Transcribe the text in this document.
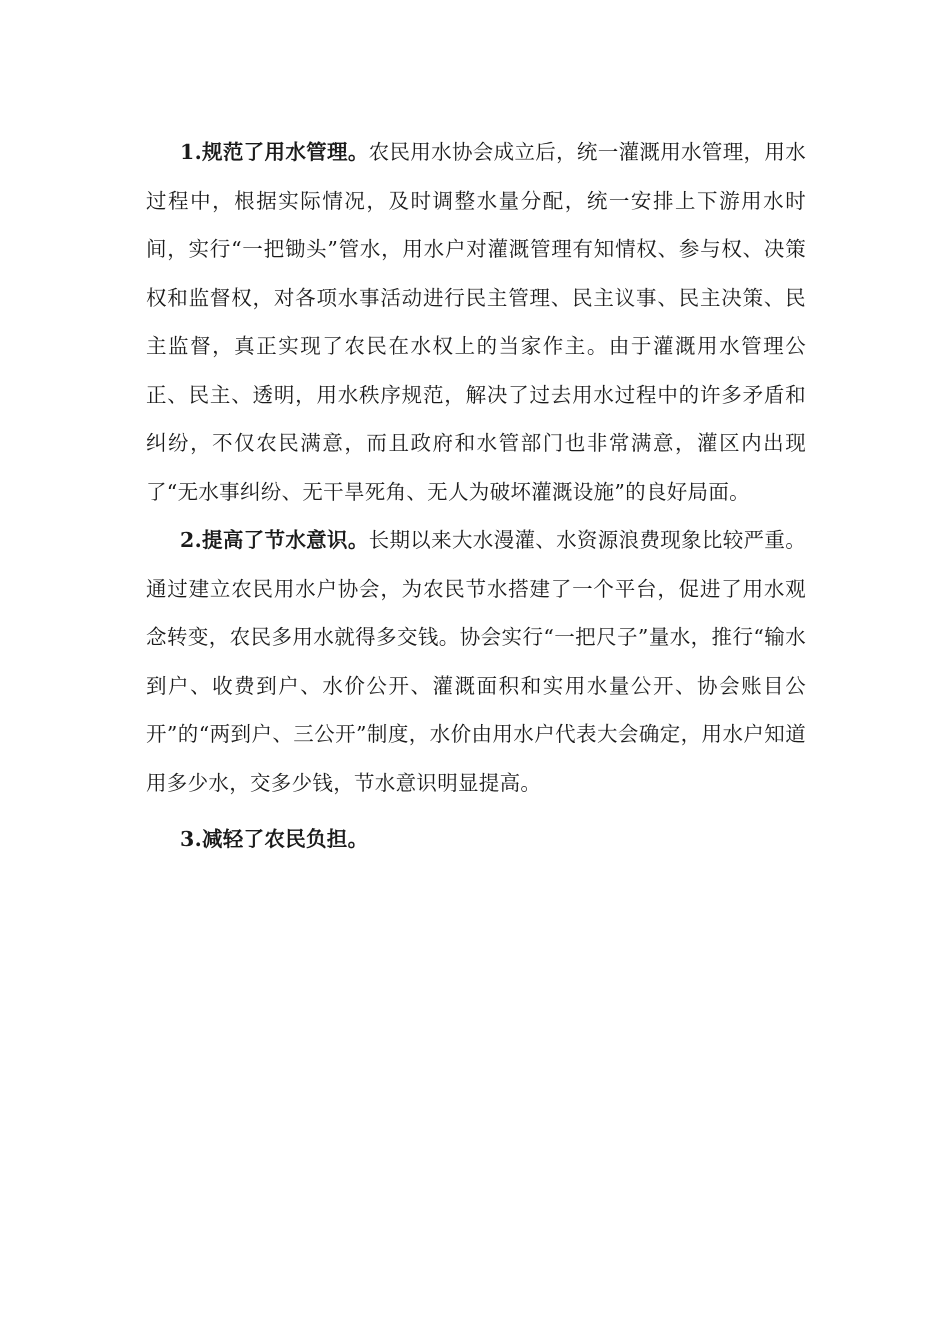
1.规范了用水管理。农民用水协会成立后，统一灌溉用水管理，用水过程中，根据实际情况，及时调整水量分配，统一安排上下游用水时间，实行“一把锄头”管水，用水户对灌溉管理有知情权、参与权、决策权和监督权，对各项水事活动进行民主管理、民主议事、民主决策、民主监督，真正实现了农民在水权上的当家作主。由于灌溉用水管理公正、民主、透明，用水秩序规范，解决了过去用水过程中的许多矛盾和纠纷，不仅农民满意，而且政府和水管部门也非常满意，灌区内出现了“无水事纠纷、无干旱死角、无人为破坏灌溉设施”的良好局面。

2.提高了节水意识。长期以来大水漫灌、水资源浪费现象比较严重。通过建立农民用水户协会，为农民节水搭建了一个平台，促进了用水观念转变，农民多用水就得多交钱。协会实行“一把尺子”量水，推行“输水到户、收费到户、水价公开、灌溉面积和实用水量公开、协会账目公开”的“两到户、三公开”制度，水价由用水户代表大会确定，用水户知道用多少水，交多少钱，节水意识明显提高。

3.减轻了农民负担。
